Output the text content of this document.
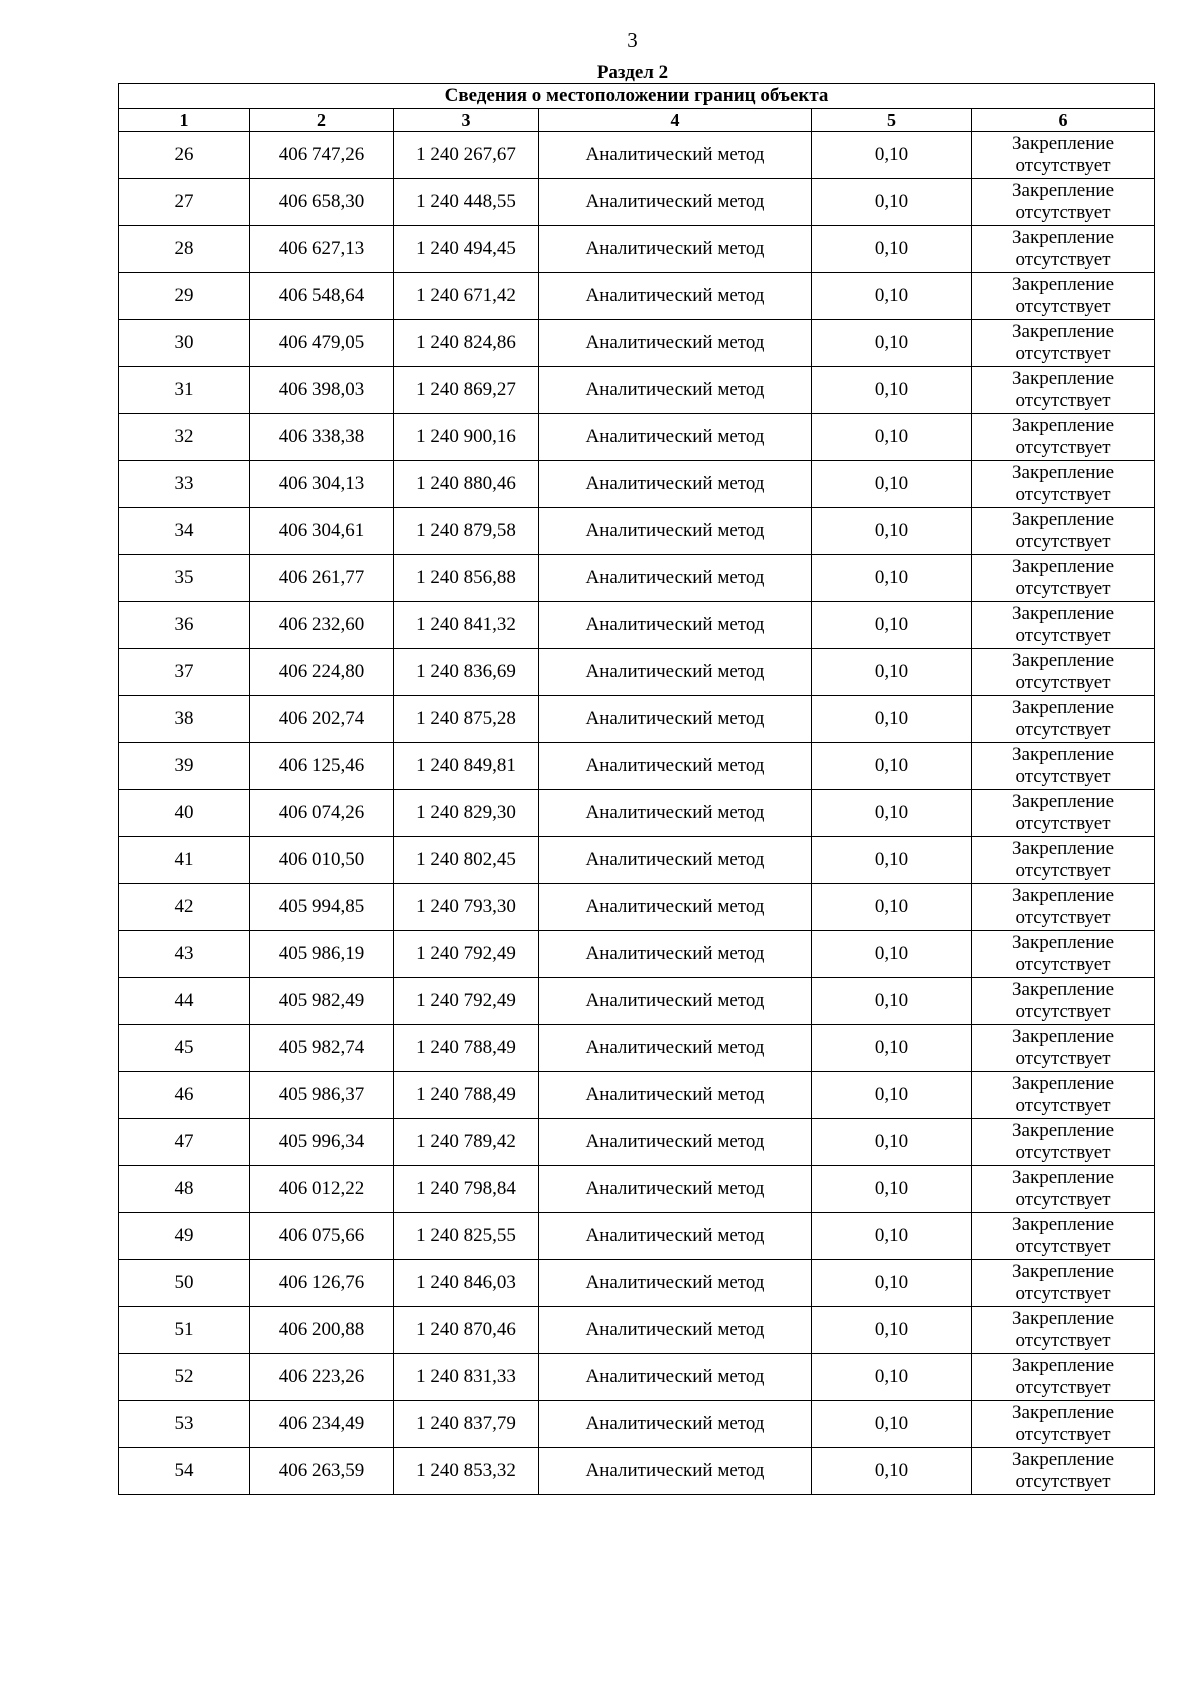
3
Раздел 2
Сведения о местоположении границ объекта					
1	2	3	4	5	6
26	406 747,26	1 240 267,67	Аналитический метод	0,10	Закрепление отсутствует
27	406 658,30	1 240 448,55	Аналитический метод	0,10	Закрепление отсутствует
28	406 627,13	1 240 494,45	Аналитический метод	0,10	Закрепление отсутствует
29	406 548,64	1 240 671,42	Аналитический метод	0,10	Закрепление отсутствует
30	406 479,05	1 240 824,86	Аналитический метод	0,10	Закрепление отсутствует
31	406 398,03	1 240 869,27	Аналитический метод	0,10	Закрепление отсутствует
32	406 338,38	1 240 900,16	Аналитический метод	0,10	Закрепление отсутствует
33	406 304,13	1 240 880,46	Аналитический метод	0,10	Закрепление отсутствует
34	406 304,61	1 240 879,58	Аналитический метод	0,10	Закрепление отсутствует
35	406 261,77	1 240 856,88	Аналитический метод	0,10	Закрепление отсутствует
36	406 232,60	1 240 841,32	Аналитический метод	0,10	Закрепление отсутствует
37	406 224,80	1 240 836,69	Аналитический метод	0,10	Закрепление отсутствует
38	406 202,74	1 240 875,28	Аналитический метод	0,10	Закрепление отсутствует
39	406 125,46	1 240 849,81	Аналитический метод	0,10	Закрепление отсутствует
40	406 074,26	1 240 829,30	Аналитический метод	0,10	Закрепление отсутствует
41	406 010,50	1 240 802,45	Аналитический метод	0,10	Закрепление отсутствует
42	405 994,85	1 240 793,30	Аналитический метод	0,10	Закрепление отсутствует
43	405 986,19	1 240 792,49	Аналитический метод	0,10	Закрепление отсутствует
44	405 982,49	1 240 792,49	Аналитический метод	0,10	Закрепление отсутствует
45	405 982,74	1 240 788,49	Аналитический метод	0,10	Закрепление отсутствует
46	405 986,37	1 240 788,49	Аналитический метод	0,10	Закрепление отсутствует
47	405 996,34	1 240 789,42	Аналитический метод	0,10	Закрепление отсутствует
48	406 012,22	1 240 798,84	Аналитический метод	0,10	Закрепление отсутствует
49	406 075,66	1 240 825,55	Аналитический метод	0,10	Закрепление отсутствует
50	406 126,76	1 240 846,03	Аналитический метод	0,10	Закрепление отсутствует
51	406 200,88	1 240 870,46	Аналитический метод	0,10	Закрепление отсутствует
52	406 223,26	1 240 831,33	Аналитический метод	0,10	Закрепление отсутствует
53	406 234,49	1 240 837,79	Аналитический метод	0,10	Закрепление отсутствует
54	406 263,59	1 240 853,32	Аналитический метод	0,10	Закрепление отсутствует
